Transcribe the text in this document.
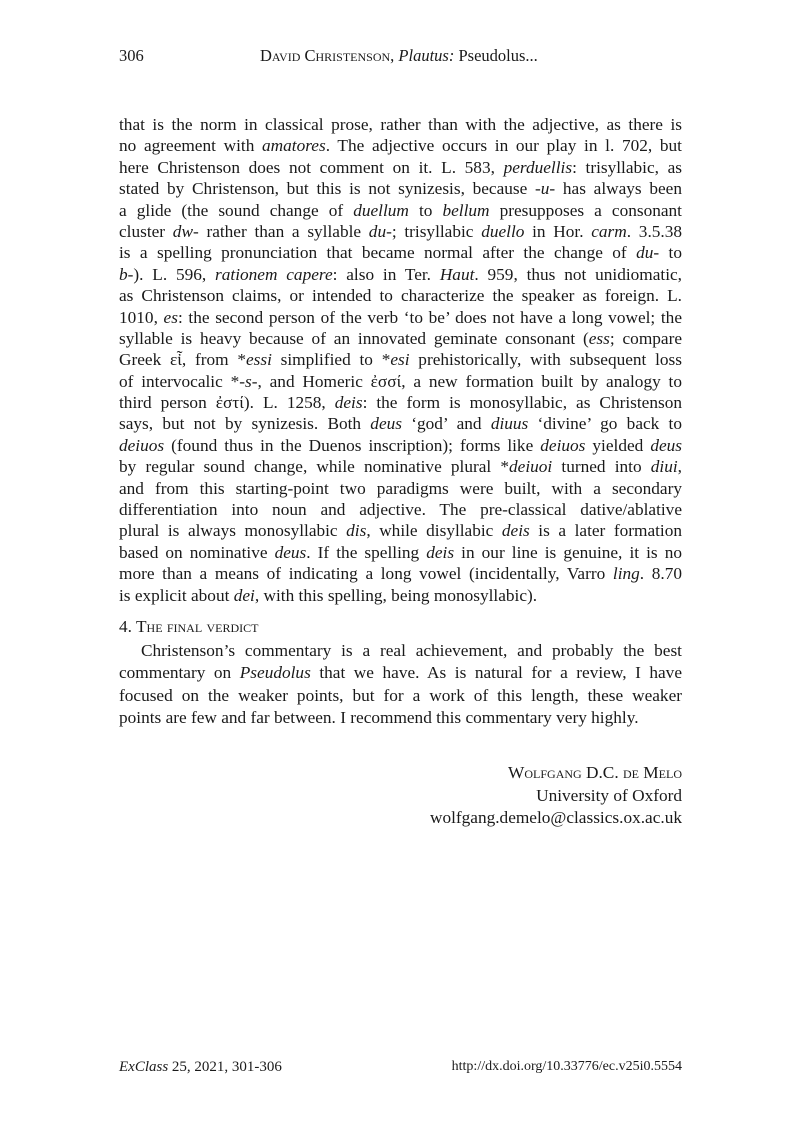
306	David Christenson, Plautus: Pseudolus...
that is the norm in classical prose, rather than with the adjective, as there is
no agreement with amatores. The adjective occurs in our play in l. 702, but
here Christenson does not comment on it. L. 583, perduellis: trisyllabic, as
stated by Christenson, but this is not synizesis, because -u- has always been
a glide (the sound change of duellum to bellum presupposes a consonant
cluster dw- rather than a syllable du-; trisyllabic duello in Hor. carm. 3.5.38
is a spelling pronunciation that became normal after the change of du- to
b-). L. 596, rationem capere: also in Ter. Haut. 959, thus not unidiomatic,
as Christenson claims, or intended to characterize the speaker as foreign. L.
1010, es: the second person of the verb ‘to be’ does not have a long vowel; the
syllable is heavy because of an innovated geminate consonant (ess; compare
Greek εἶ, from *essi simplified to *esi prehistorically, with subsequent loss
of intervocalic *-s-, and Homeric ἐσσί, a new formation built by analogy to
third person ἐστί). L. 1258, deis: the form is monosyllabic, as Christenson
says, but not by synizesis. Both deus ‘god’ and diuus ‘divine’ go back to
deiuos (found thus in the Duenos inscription); forms like deiuos yielded deus
by regular sound change, while nominative plural *deiuoi turned into diui,
and from this starting-point two paradigms were built, with a secondary
differentiation into noun and adjective. The pre-classical dative/ablative
plural is always monosyllabic dis, while disyllabic deis is a later formation
based on nominative deus. If the spelling deis in our line is genuine, it is no
more than a means of indicating a long vowel (incidentally, Varro ling. 8.70
is explicit about dei, with this spelling, being monosyllabic).
4. The final verdict
Christenson’s commentary is a real achievement, and probably the best
commentary on Pseudolus that we have. As is natural for a review, I have
focused on the weaker points, but for a work of this length, these weaker
points are few and far between. I recommend this commentary very highly.
Wolfgang D.C. de Melo
University of Oxford
wolfgang.demelo@classics.ox.ac.uk
ExClass 25, 2021, 301-306	http://dx.doi.org/10.33776/ec.v25i0.5554
